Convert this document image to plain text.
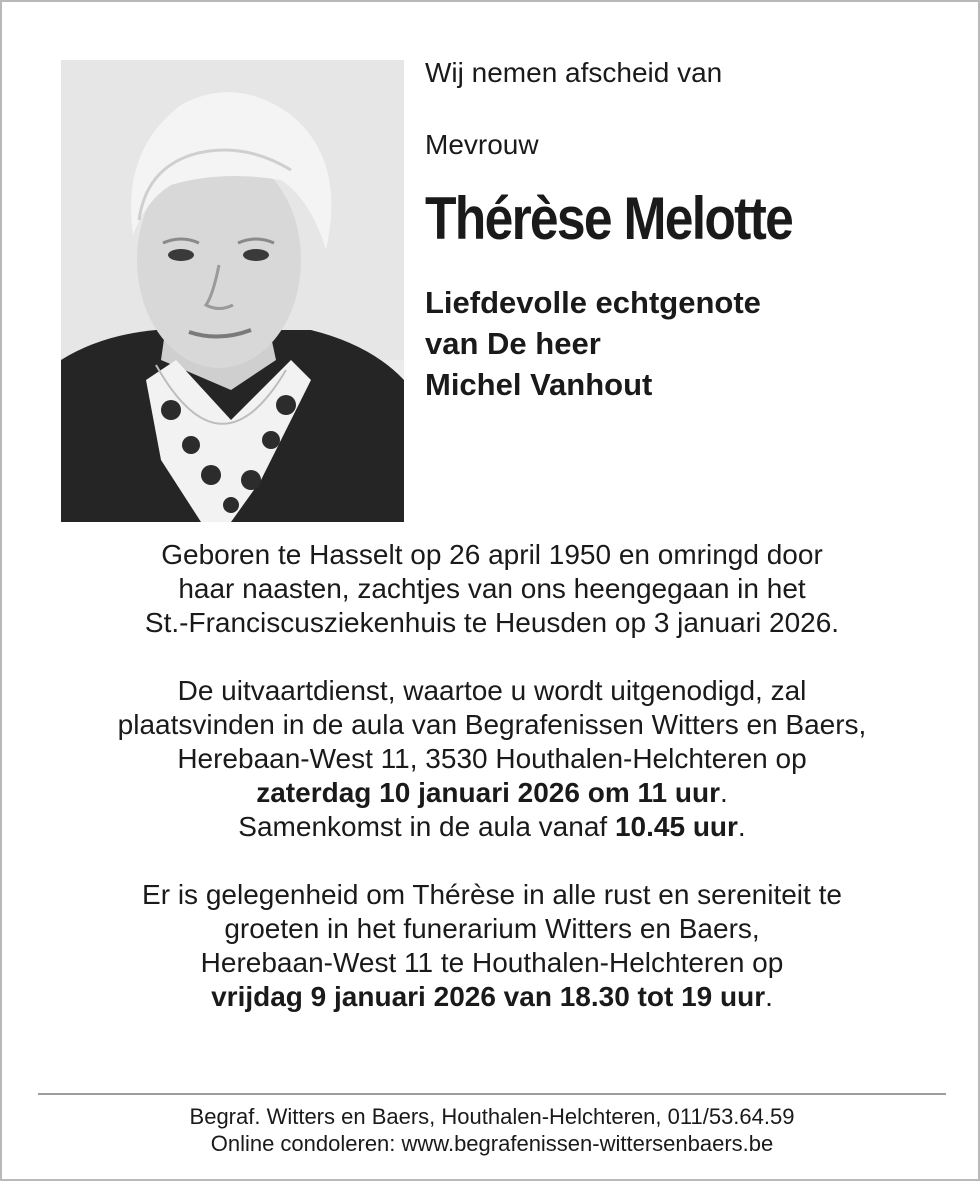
Wij nemen afscheid van

Mevrouw

Thérèse Melotte

Liefdevolle echtgenote
van De heer
Michel Vanhout
Geboren te Hasselt op 26 april 1950 en omringd door
haar naasten, zachtjes van ons heengegaan in het
St.-Franciscusziekenhuis te Heusden op 3 januari 2026.
De uitvaartdienst, waartoe u wordt uitgenodigd, zal
plaatsvinden in de aula van Begrafenissen Witters en Baers,
Herebaan-West 11, 3530 Houthalen-Helchteren op
zaterdag 10 januari 2026 om 11 uur.
Samenkomst in de aula vanaf 10.45 uur.
Er is gelegenheid om Thérèse in alle rust en sereniteit te
groeten in het funerarium Witters en Baers,
Herebaan-West 11 te Houthalen-Helchteren op
vrijdag 9 januari 2026 van 18.30 tot 19 uur.
Begraf. Witters en Baers, Houthalen-Helchteren, 011/53.64.59
Online condoleren: www.begrafenissen-wittersenbaers.be
